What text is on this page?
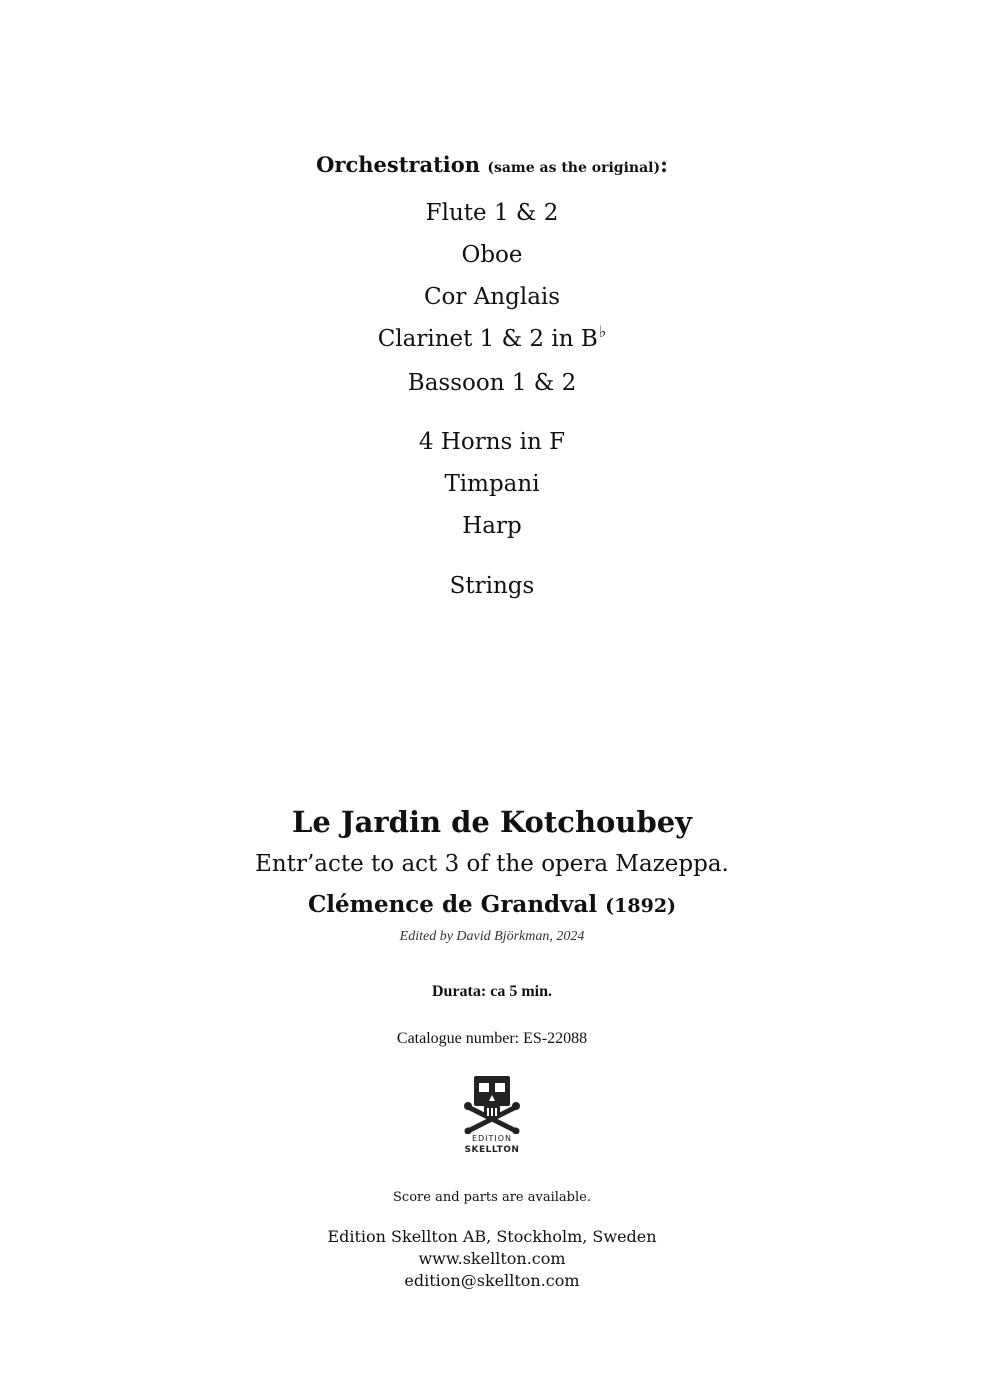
Orchestration (same as the original):
Flute 1 & 2
Oboe
Cor Anglais
Clarinet 1 & 2 in B♭
Bassoon 1 & 2
4 Horns in F
Timpani
Harp
Strings
Le Jardin de Kotchoubey
Entr’acte to act 3 of the opera Mazeppa.
Clémence de Grandval (1892)
Edited by David Björkman, 2024
Durata: ca 5 min.
Catalogue number: ES-22088
EDITION
SKELLTON
Score and parts are available.
Edition Skellton AB, Stockholm, Sweden
www.skellton.com
edition@skellton.com
